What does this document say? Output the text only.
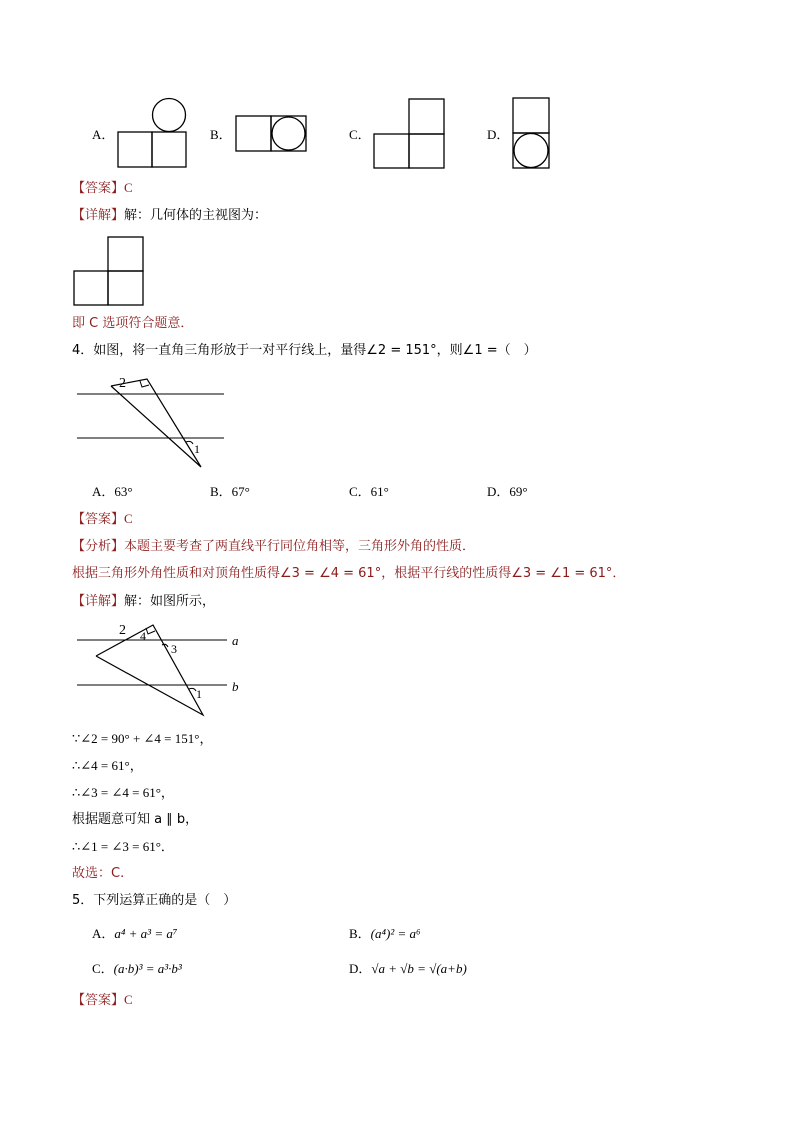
A．	B．	C．	D．
【答案】C
【详解】解：几何体的主视图为：
即 C 选项符合题意．
4．如图，将一直角三角形放于一对平行线上，量得∠2 = 151°，则∠1 =（　）
2
1
A．63°	B．67°	C．61°	D．69°
【答案】C
【分析】本题主要考查了两直线平行同位角相等，三角形外角的性质．
根据三角形外角性质和对顶角性质得∠3 = ∠4 = 61°，根据平行线的性质得∠3 = ∠1 = 61°．
【详解】解：如图所示，
2 4
3
1
a
b
∵∠2 = 90° + ∠4 = 151°，
∴∠4 = 61°，
∴∠3 = ∠4 = 61°，
根据题意可知 a ∥ b，
∴∠1 = ∠3 = 61°．
故选：C.
5．下列运算正确的是（　）
A．a⁴ + a³ = a⁷	B．(a⁴)² = a⁶
C．(a·b)³ = a³·b³	D．√a + √b = √(a+b)
【答案】C
